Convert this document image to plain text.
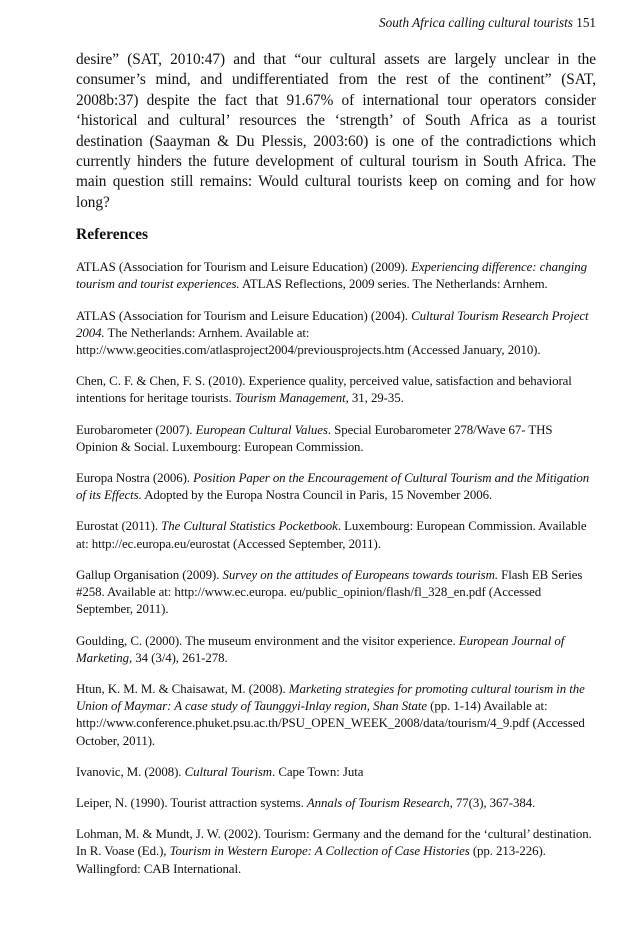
South Africa calling cultural tourists 151

desire” (SAT, 2010:47) and that “our cultural assets are largely unclear in the consumer’s mind, and undifferentiated from the rest of the continent” (SAT, 2008b:37) despite the fact that 91.67% of international tour operators consider ‘historical and cultural’ resources the ‘strength’ of South Africa as a tourist destination (Saayman & Du Plessis, 2003:60) is one of the contradictions which currently hinders the future development of cultural tourism in South Africa. The main question still remains: Would cultural tourists keep on coming and for how long?

References

ATLAS (Association for Tourism and Leisure Education) (2009). Experiencing difference: changing tourism and tourist experiences. ATLAS Reflections, 2009 series. The Netherlands: Arnhem.

ATLAS (Association for Tourism and Leisure Education) (2004). Cultural Tourism Research Project 2004. The Netherlands: Arnhem. Available at: http://www.geocities.com/atlasproject2004/previousprojects.htm (Accessed January, 2010).

Chen, C. F. & Chen, F. S. (2010). Experience quality, perceived value, satisfaction and behavioral intentions for heritage tourists. Tourism Management, 31, 29-35.

Eurobarometer (2007). European Cultural Values. Special Eurobarometer 278/Wave 67- THS Opinion & Social. Luxembourg: European Commission.

Europa Nostra (2006). Position Paper on the Encouragement of Cultural Tourism and the Mitigation of its Effects. Adopted by the Europa Nostra Council in Paris, 15 November 2006.

Eurostat (2011). The Cultural Statistics Pocketbook. Luxembourg: European Commission. Available at: http://ec.europa.eu/eurostat (Accessed September, 2011).

Gallup Organisation (2009). Survey on the attitudes of Europeans towards tourism. Flash EB Series #258. Available at: http://www.ec.europa. eu/public_opinion/flash/fl_328_en.pdf (Accessed September, 2011).

Goulding, C. (2000). The museum environment and the visitor experience. European Journal of Marketing, 34 (3/4), 261-278.

Htun, K. M. M. & Chaisawat, M. (2008). Marketing strategies for promoting cultural tourism in the Union of Maymar: A case study of Taunggyi-Inlay region, Shan State (pp. 1-14) Available at: http://www.conference.phuket.psu.ac.th/PSU_OPEN_WEEK_2008/data/tourism/4_9.pdf (Accessed October, 2011).

Ivanovic, M. (2008). Cultural Tourism. Cape Town: Juta

Leiper, N. (1990). Tourist attraction systems. Annals of Tourism Research, 77(3), 367-384.

Lohman, M. & Mundt, J. W. (2002). Tourism: Germany and the demand for the ‘cultural’ destination. In R. Voase (Ed.), Tourism in Western Europe: A Collection of Case Histories (pp. 213-226). Wallingford: CAB International.
